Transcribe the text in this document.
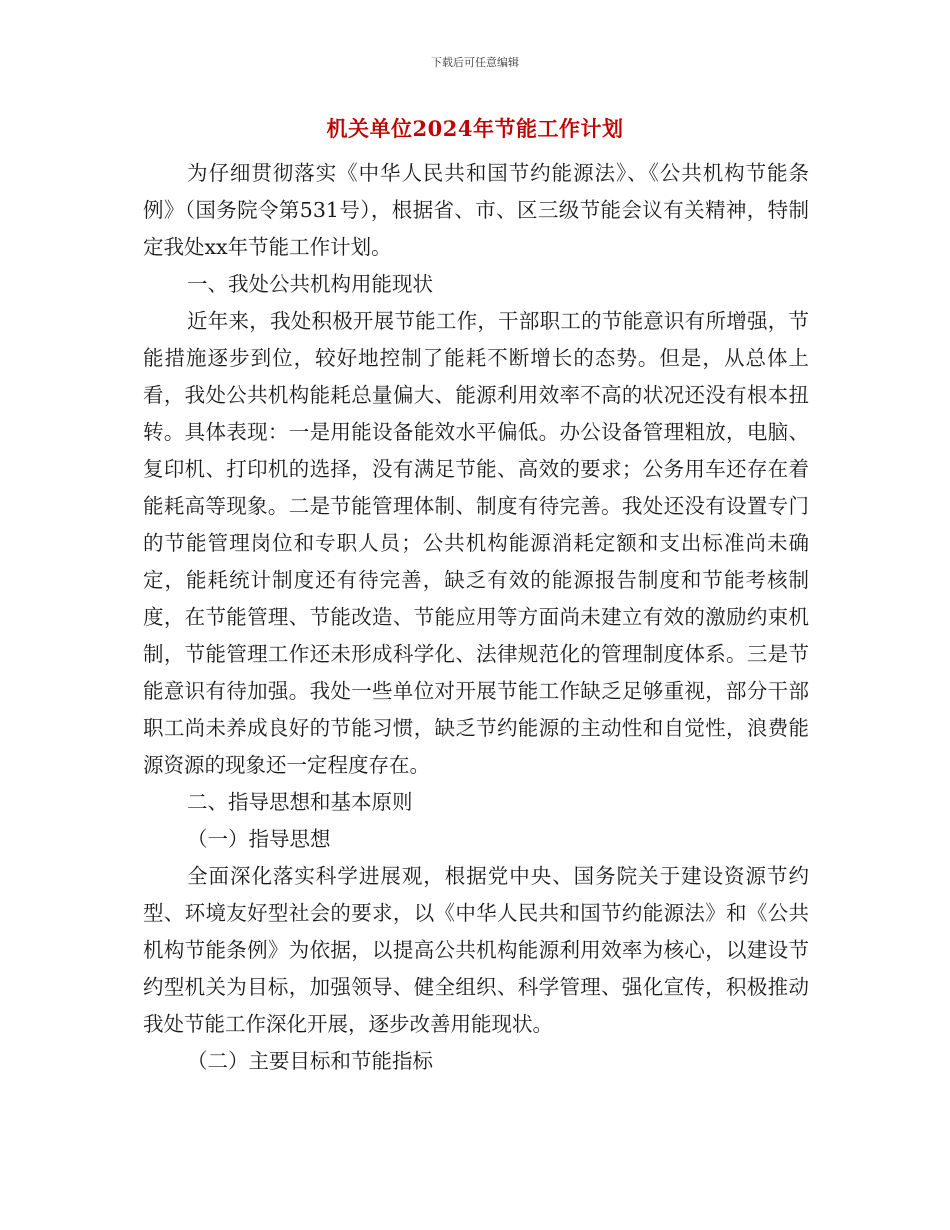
下载后可任意编辑
机关单位2024年节能工作计划

为仔细贯彻落实《中华人民共和国节约能源法》、《公共机构节能条例》（国务院令第531号），根据省、市、区三级节能会议有关精神，特制定我处xx年节能工作计划。

一、我处公共机构用能现状

近年来，我处积极开展节能工作，干部职工的节能意识有所增强，节能措施逐步到位，较好地控制了能耗不断增长的态势。但是，从总体上看，我处公共机构能耗总量偏大、能源利用效率不高的状况还没有根本扭转。具体表现：一是用能设备能效水平偏低。办公设备管理粗放，电脑、复印机、打印机的选择，没有满足节能、高效的要求；公务用车还存在着能耗高等现象。二是节能管理体制、制度有待完善。我处还没有设置专门的节能管理岗位和专职人员；公共机构能源消耗定额和支出标准尚未确定，能耗统计制度还有待完善，缺乏有效的能源报告制度和节能考核制度，在节能管理、节能改造、节能应用等方面尚未建立有效的激励约束机制，节能管理工作还未形成科学化、法律规范化的管理制度体系。三是节能意识有待加强。我处一些单位对开展节能工作缺乏足够重视，部分干部职工尚未养成良好的节能习惯，缺乏节约能源的主动性和自觉性，浪费能源资源的现象还一定程度存在。

二、指导思想和基本原则

（一）指导思想

全面深化落实科学进展观，根据党中央、国务院关于建设资源节约型、环境友好型社会的要求，以《中华人民共和国节约能源法》和《公共机构节能条例》为依据，以提高公共机构能源利用效率为核心，以建设节约型机关为目标，加强领导、健全组织、科学管理、强化宣传，积极推动我处节能工作深化开展，逐步改善用能现状。

（二）主要目标和节能指标
